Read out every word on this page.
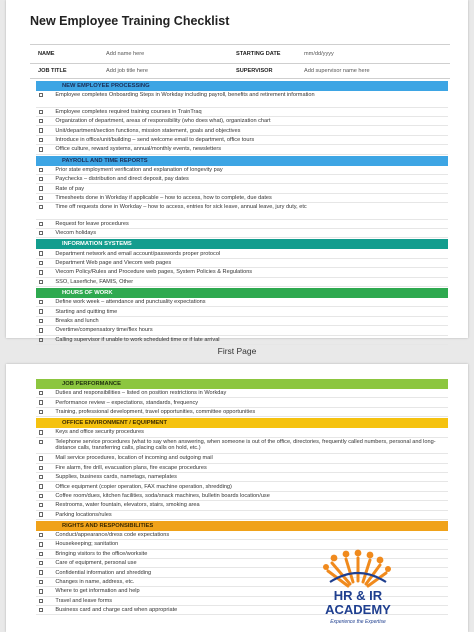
New Employee Training Checklist
NAME	Add name here	STARTING DATE	mm/dd/yyyy
JOB TITLE	Add job title here	SUPERVISOR	Add supervisor name here
NEW EMPLOYEE PROCESSING
Employee completes Onboarding Steps in Workday including payroll, benefits and retirement information
Employee completes required training courses in TrainTraq
Organization of department, areas of responsibility (who does what), organization chart
Unit/department/section functions, mission statement, goals and objectives
Introduce in office/unit/building – send welcome email to department, office tours
Office culture, reward systems, annual/monthly events, newsletters
PAYROLL AND TIME REPORTS
Prior state employment verification and explanation of longevity pay
Paychecks – distribution and direct deposit, pay dates
Rate of pay
Timesheets done in Workday if applicable – how to access, how to complete, due dates
Time off requests done in Workday – how to access, entries for sick leave, annual leave, jury duty, etc
Request for leave procedures
Viecom holidays
INFORMATION SYSTEMS
Department network and email account/passwords proper protocol
Department Web page and Viecom web pages
Viecom Policy/Rules and Procedure web pages, System Policies & Regulations
SSO, Laserfiche, FAMIS, Other
HOURS OF WORK
Define work week – attendance and punctuality expectations
Starting and quitting time
Breaks and lunch
Overtime/compensatory time/flex hours
Calling supervisor if unable to work scheduled time or if late arrival
First Page
JOB PERFORMANCE
Duties and responsibilities – listed on position restrictions in Workday
Performance review – expectations, standards, frequency
Training, professional development, travel opportunities, committee opportunities
OFFICE ENVIRONMENT / EQUIPMENT
Keys and office security procedures
Telephone service procedures (what to say when answering, when someone is out of the office, directories, frequently called numbers, personal and long-distance calls, transferring calls, placing calls on hold, etc.)
Mail service procedures, location of incoming and outgoing mail
Fire alarm, fire drill, evacuation plans, fire escape procedures
Supplies, business cards, nametags, nameplates
Office equipment (copier operation, FAX machine operation, shredding)
Coffee room/dues, kitchen facilities, soda/snack machines, bulletin boards location/use
Restrooms, water fountain, elevators, stairs, smoking area
Parking locations/rules
RIGHTS AND RESPONSIBILITIES
Conduct/appearance/dress code expectations
Housekeeping; sanitation
Bringing visitors to the office/worksite
Care of equipment, personal use
Confidential information and shredding
Changes in name, address, etc.
Where to get information and help
Travel and leave forms
Business card and charge card when appropriate
HR & IR
ACADEMY
Experience the Expertise
